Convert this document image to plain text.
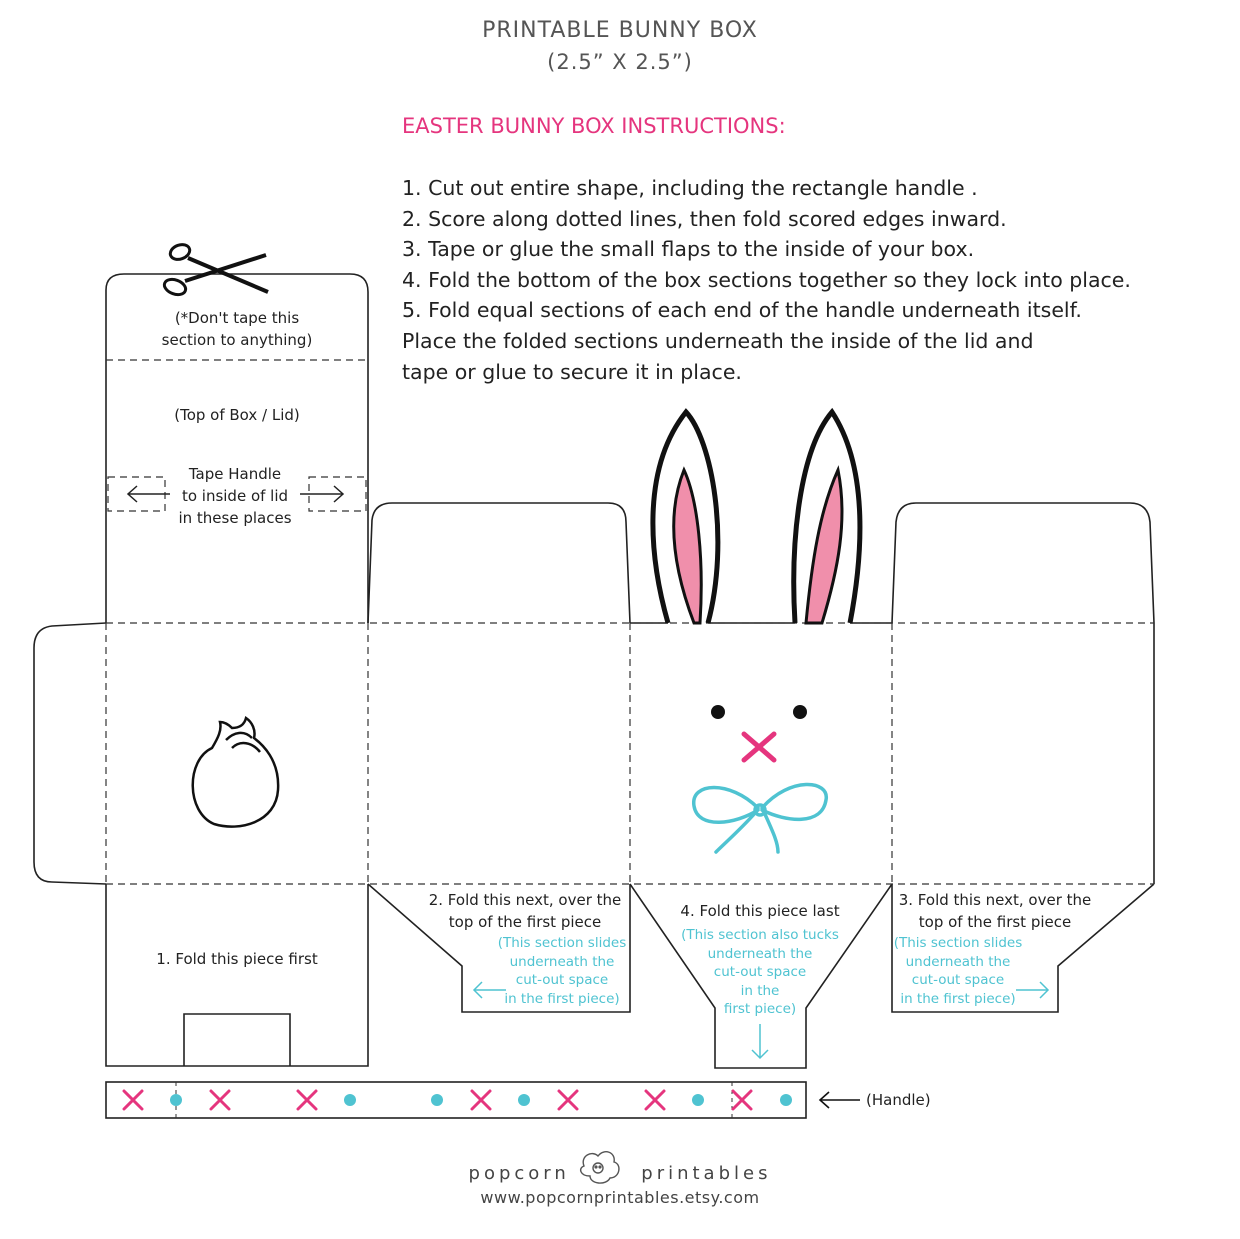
PRINTABLE BUNNY BOX
(2.5” X 2.5”)
EASTER BUNNY BOX INSTRUCTIONS:
1. Cut out entire shape, including the rectangle handle .
2. Score along dotted lines, then fold scored edges inward.
3. Tape or glue the small flaps to the inside of your box.
4. Fold the bottom of the box sections together so they lock into place.
5. Fold equal sections of each end of the handle underneath itself.
Place the folded sections underneath the inside of the lid and
tape or glue to secure it in place.
(*Don't tape this
section to anything)
(Top of Box / Lid)
Tape Handle
to inside of lid
in these places
1. Fold this piece first
2. Fold this next, over the
top of the first piece
(This section slides
underneath the
cut-out space
in the first piece)
4. Fold this piece last
(This section also tucks
underneath the
cut-out space
in the
first piece)
3. Fold this next, over the
top of the first piece
(This section slides
underneath the
cut-out space
in the first piece)
(Handle)
popcorn	printables
www.popcornprintables.etsy.com
